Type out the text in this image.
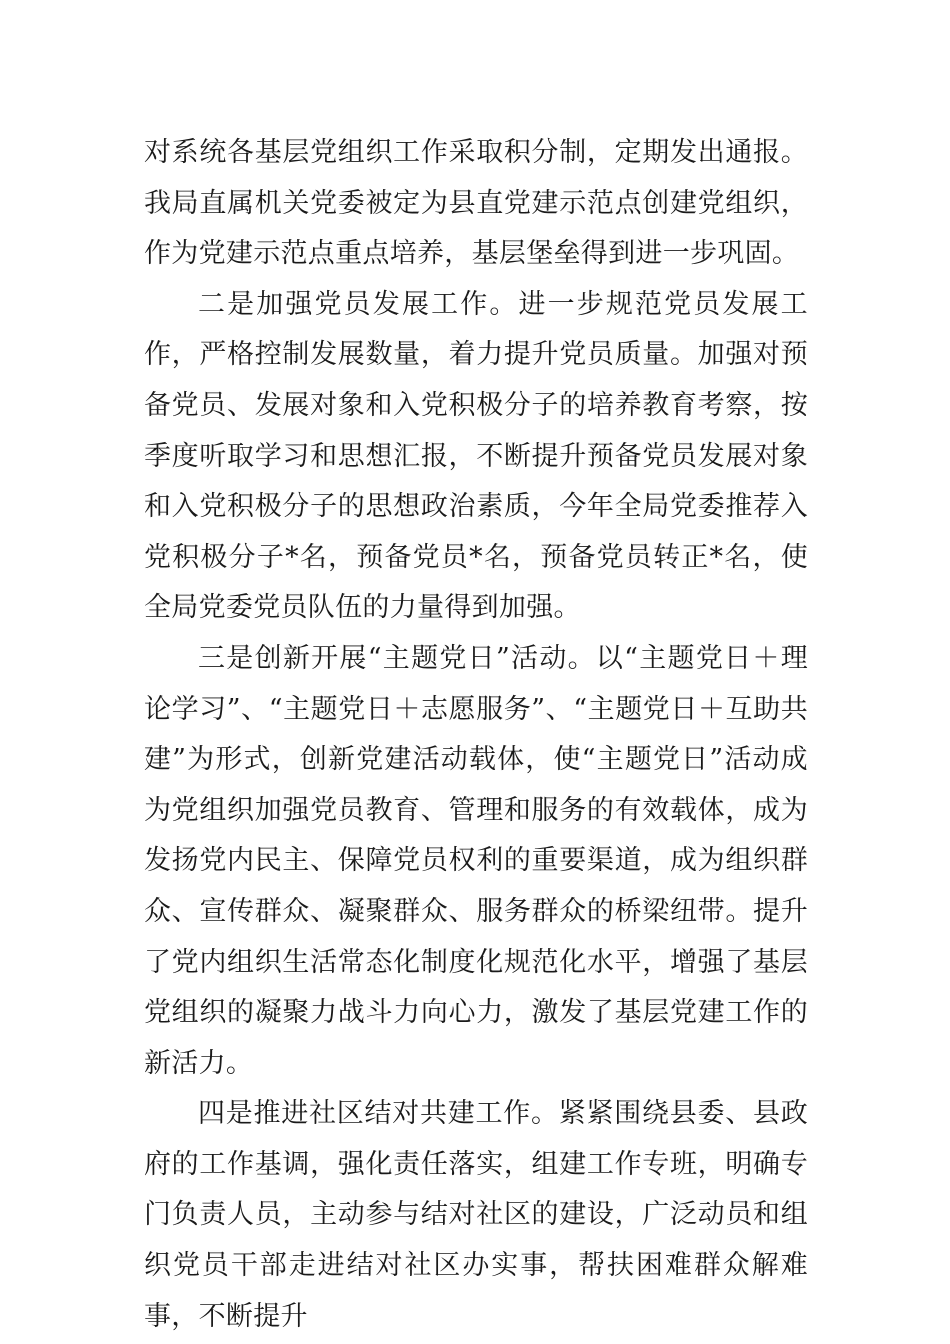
对系统各基层党组织工作采取积分制，定期发出通报。我局直属机关党委被定为县直党建示范点创建党组织，作为党建示范点重点培养，基层堡垒得到进一步巩固。

二是加强党员发展工作。进一步规范党员发展工作，严格控制发展数量，着力提升党员质量。加强对预备党员、发展对象和入党积极分子的培养教育考察，按季度听取学习和思想汇报，不断提升预备党员发展对象和入党积极分子的思想政治素质，今年全局党委推荐入党积极分子*名，预备党员*名，预备党员转正*名，使全局党委党员队伍的力量得到加强。

三是创新开展“主题党日”活动。以“主题党日＋理论学习”、“主题党日＋志愿服务”、“主题党日＋互助共建”为形式，创新党建活动载体，使“主题党日”活动成为党组织加强党员教育、管理和服务的有效载体，成为发扬党内民主、保障党员权利的重要渠道，成为组织群众、宣传群众、凝聚群众、服务群众的桥梁纽带。提升了党内组织生活常态化制度化规范化水平，增强了基层党组织的凝聚力战斗力向心力，激发了基层党建工作的新活力。

四是推进社区结对共建工作。紧紧围绕县委、县政府的工作基调，强化责任落实，组建工作专班，明确专门负责人员，主动参与结对社区的建设，广泛动员和组织党员干部走进结对社区办实事，帮扶困难群众解难事，不断提升
